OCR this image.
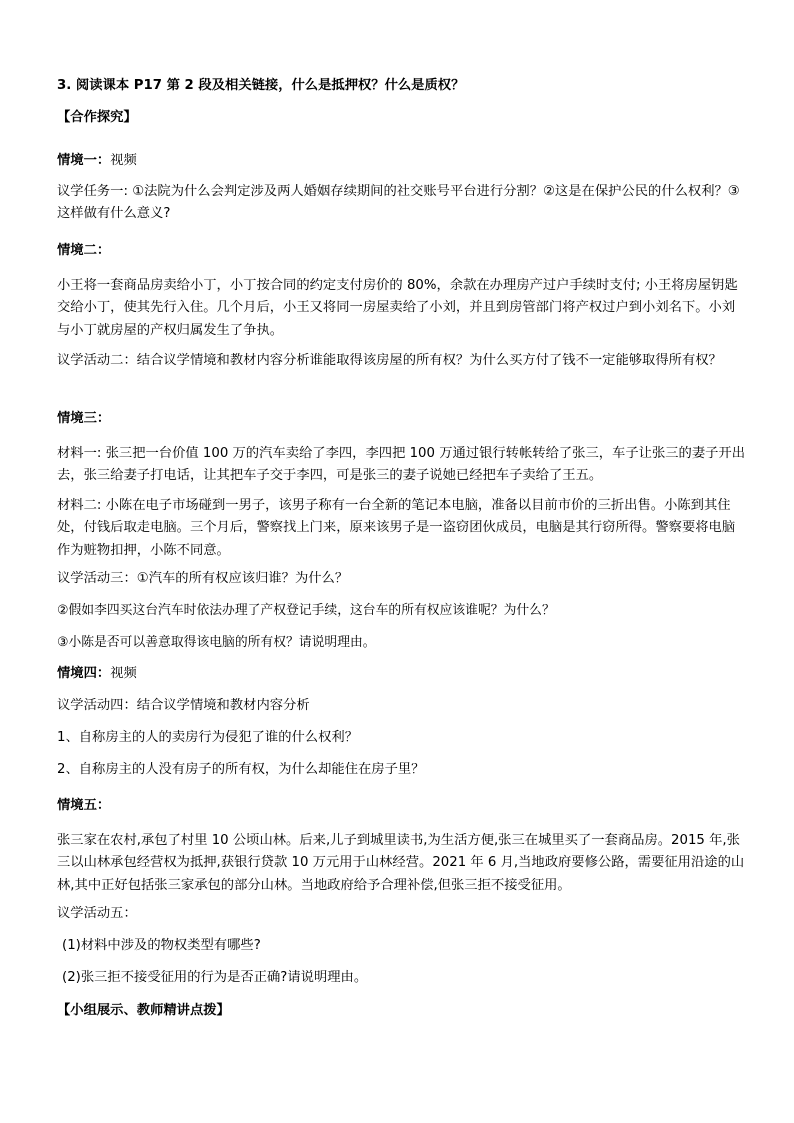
3. 阅读课本 P17 第 2 段及相关链接，什么是抵押权？什么是质权？
【合作探究】
情境一：视频
议学任务一: ①法院为什么会判定涉及两人婚姻存续期间的社交账号平台进行分割？②这是在保护公民的什么权利？③这样做有什么意义?
情境二：
小王将一套商品房卖给小丁，小丁按合同的约定支付房价的 80%，余款在办理房产过户手续时支付; 小王将房屋钥匙交给小丁，使其先行入住。几个月后，小王又将同一房屋卖给了小刘，并且到房管部门将产权过户到小刘名下。小刘与小丁就房屋的产权归属发生了争执。
议学活动二：结合议学情境和教材内容分析谁能取得该房屋的所有权？为什么买方付了钱不一定能够取得所有权？
情境三：
材料一: 张三把一台价值 100 万的汽车卖给了李四，李四把 100 万通过银行转帐转给了张三，车子让张三的妻子开出去，张三给妻子打电话，让其把车子交于李四，可是张三的妻子说她已经把车子卖给了王五。
材料二: 小陈在电子市场碰到一男子，该男子称有一台全新的笔记本电脑，准备以目前市价的三折出售。小陈到其住处，付钱后取走电脑。三个月后，警察找上门来，原来该男子是一盗窃团伙成员，电脑是其行窃所得。警察要将电脑作为赃物扣押，小陈不同意。
议学活动三：①汽车的所有权应该归谁？为什么？
②假如李四买这台汽车时依法办理了产权登记手续，这台车的所有权应该谁呢？为什么？
③小陈是否可以善意取得该电脑的所有权？请说明理由。
情境四：视频
议学活动四：结合议学情境和教材内容分析
1、自称房主的人的卖房行为侵犯了谁的什么权利？
2、自称房主的人没有房子的所有权，为什么却能住在房子里？
情境五：
张三家在农村,承包了村里 10 公顷山林。后来,儿子到城里读书,为生活方便,张三在城里买了一套商品房。2015 年,张三以山林承包经营权为抵押,获银行贷款 10 万元用于山林经营。2021 年 6 月,当地政府要修公路，需要征用沿途的山林,其中正好包括张三家承包的部分山林。当地政府给予合理补偿,但张三拒不接受征用。
议学活动五：
(1)材料中涉及的物权类型有哪些?
(2)张三拒不接受征用的行为是否正确?请说明理由。
【小组展示、教师精讲点拨】
